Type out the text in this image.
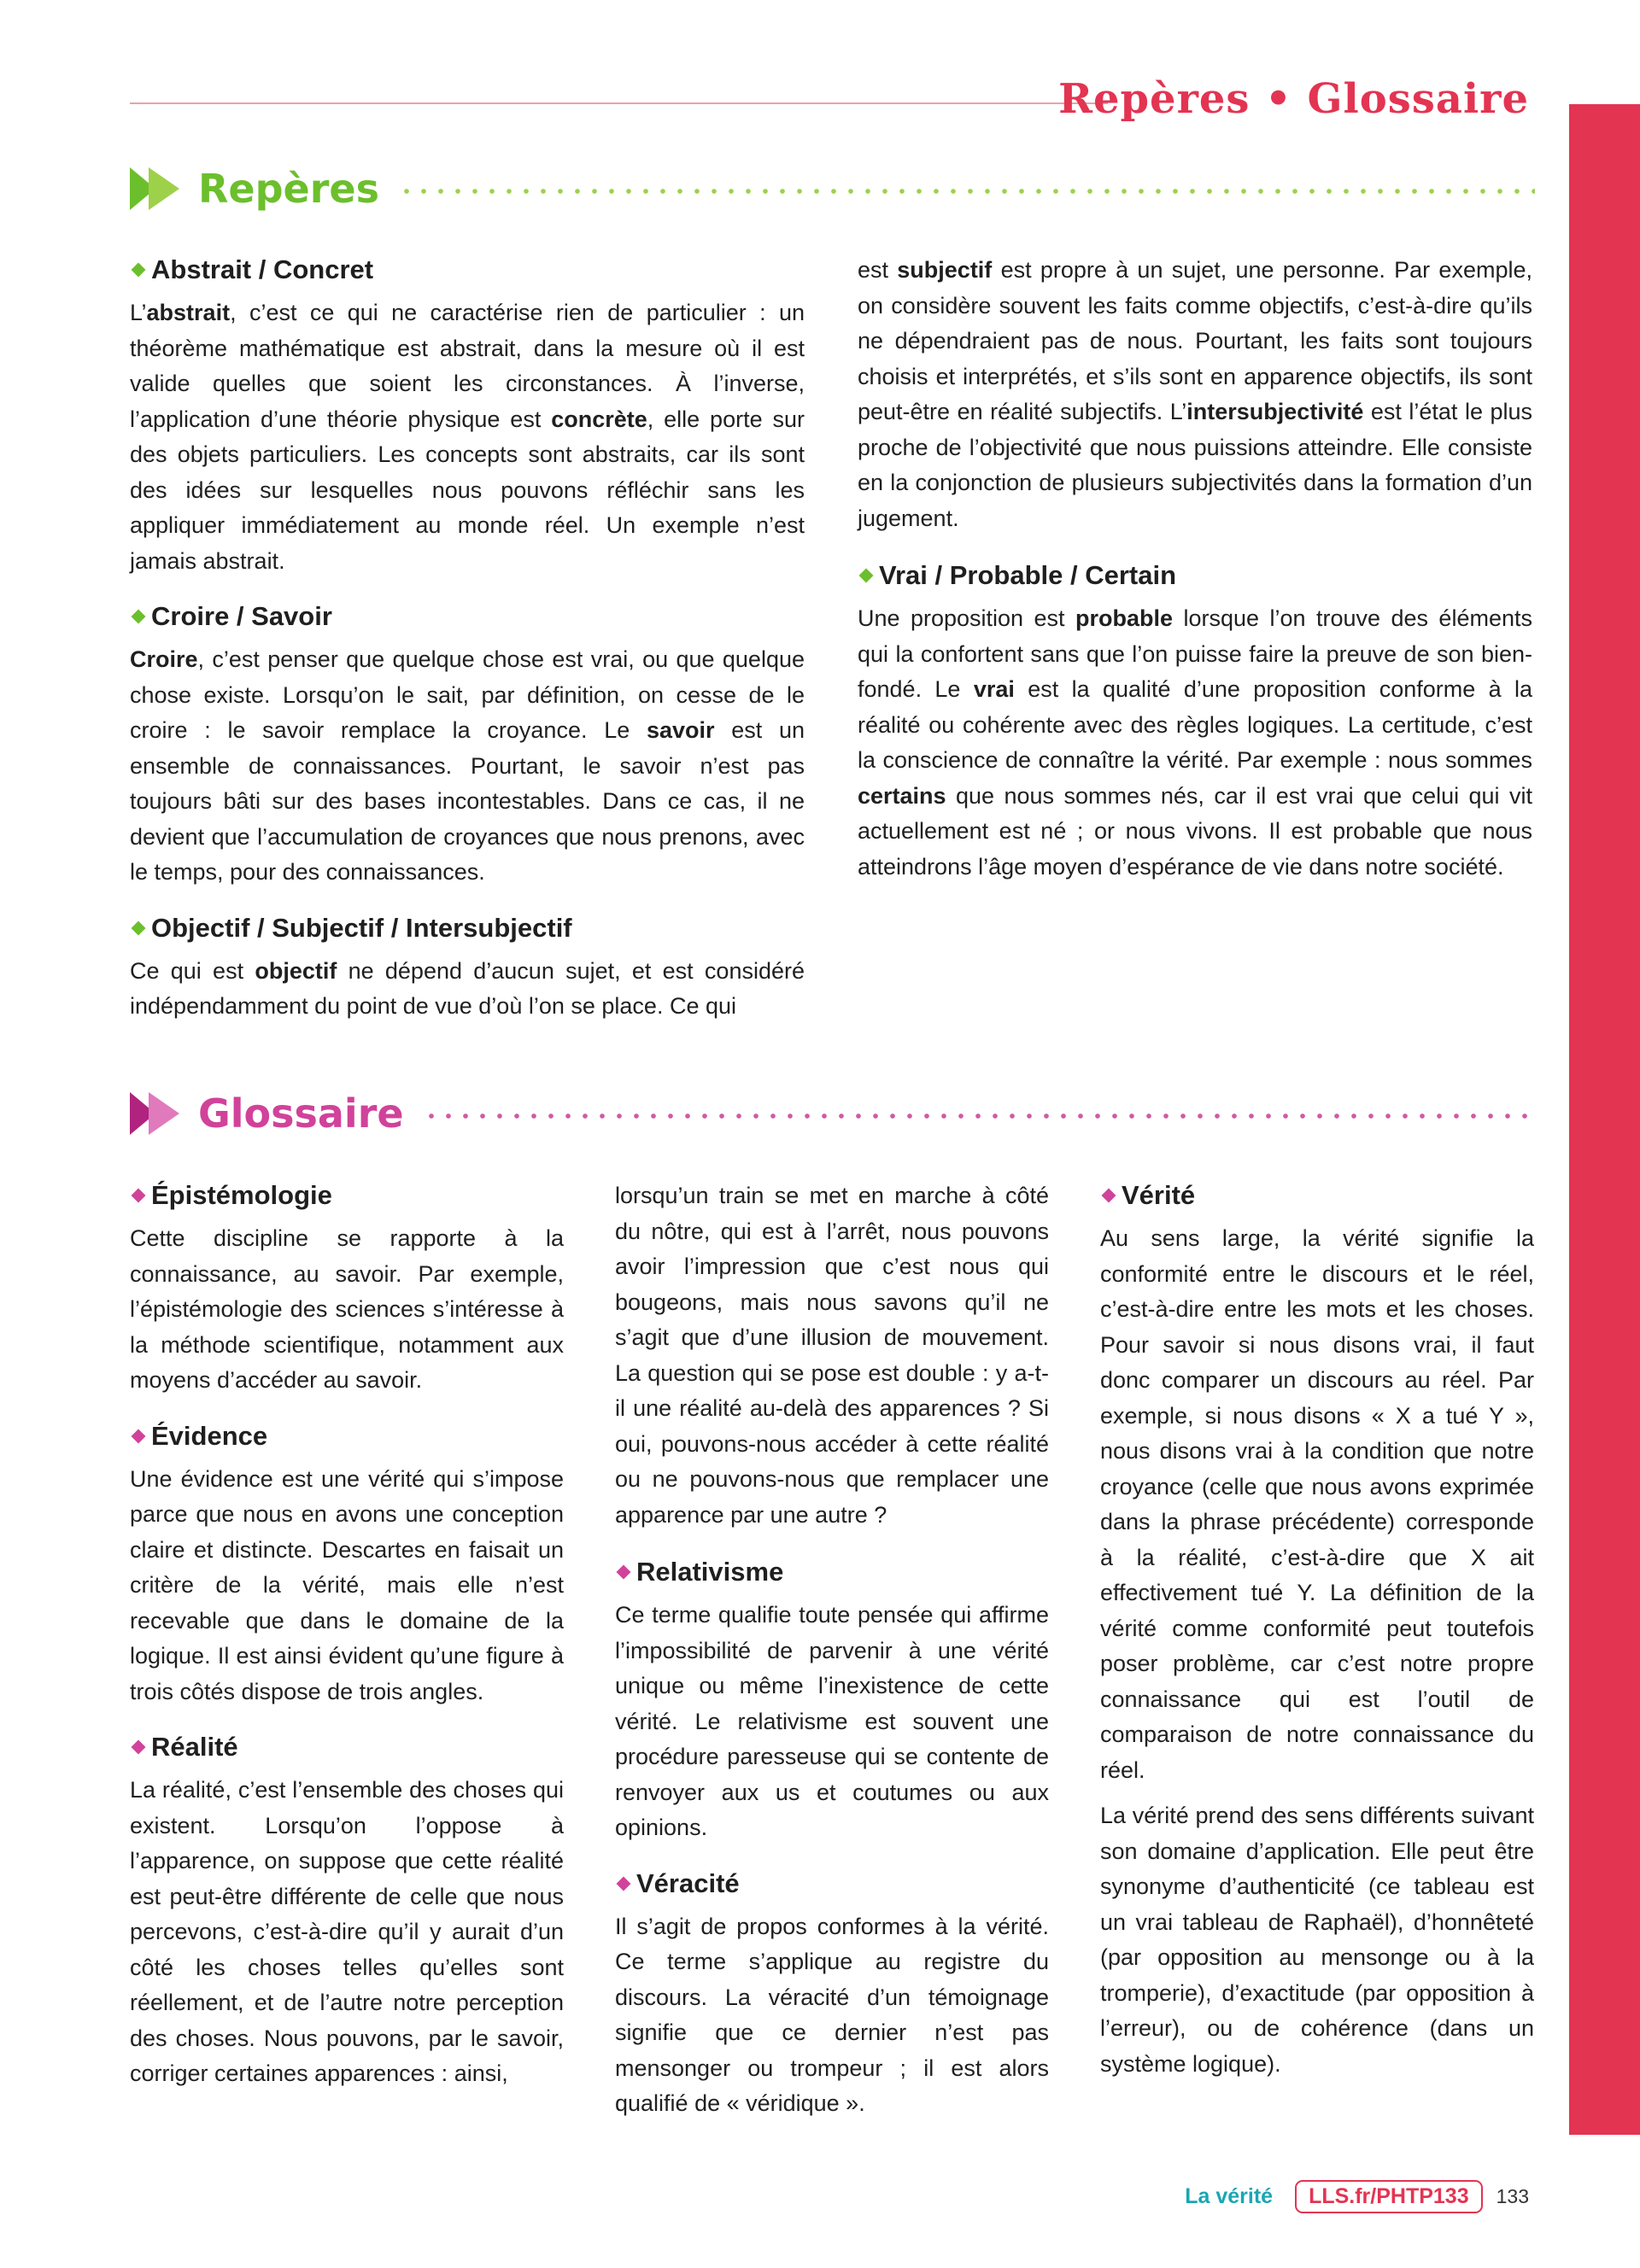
Repères • Glossaire
Repères
Abstrait / Concret

L’abstrait, c’est ce qui ne caractérise rien de particulier : un théorème mathématique est abstrait, dans la mesure où il est valide quelles que soient les circonstances. À l’inverse, l’application d’une théorie physique est concrète, elle porte sur des objets particuliers. Les concepts sont abstraits, car ils sont des idées sur lesquelles nous pouvons réfléchir sans les appliquer immédiatement au monde réel. Un exemple n’est jamais abstrait.

Croire / Savoir

Croire, c’est penser que quelque chose est vrai, ou que quelque chose existe. Lorsqu’on le sait, par définition, on cesse de le croire : le savoir remplace la croyance. Le savoir est un ensemble de connaissances. Pourtant, le savoir n’est pas toujours bâti sur des bases incontestables. Dans ce cas, il ne devient que l’accumulation de croyances que nous prenons, avec le temps, pour des connaissances.

Objectif / Subjectif / Intersubjectif

Ce qui est objectif ne dépend d’aucun sujet, et est considéré indépendamment du point de vue d’où l’on se place. Ce qui

est subjectif est propre à un sujet, une personne. Par exemple, on considère souvent les faits comme objectifs, c’est-à-dire qu’ils ne dépendraient pas de nous. Pourtant, les faits sont toujours choisis et interprétés, et s’ils sont en apparence objectifs, ils sont peut-être en réalité subjectifs. L’intersubjectivité est l’état le plus proche de l’objectivité que nous puissions atteindre. Elle consiste en la conjonction de plusieurs subjectivités dans la formation d’un jugement.

Vrai / Probable / Certain

Une proposition est probable lorsque l’on trouve des éléments qui la confortent sans que l’on puisse faire la preuve de son bien-fondé. Le vrai est la qualité d’une proposition conforme à la réalité ou cohérente avec des règles logiques. La certitude, c’est la conscience de connaître la vérité. Par exemple : nous sommes certains que nous sommes nés, car il est vrai que celui qui vit actuellement est né ; or nous vivons. Il est probable que nous atteindrons l’âge moyen d’espérance de vie dans notre société.

Glossaire
Épistémologie

Cette discipline se rapporte à la connaissance, au savoir. Par exemple, l’épistémologie des sciences s’intéresse à la méthode scientifique, notamment aux moyens d’accéder au savoir.

Évidence

Une évidence est une vérité qui s’impose parce que nous en avons une conception claire et distincte. Descartes en faisait un critère de la vérité, mais elle n’est recevable que dans le domaine de la logique. Il est ainsi évident qu’une figure à trois côtés dispose de trois angles.

Réalité

La réalité, c’est l’ensemble des choses qui existent. Lorsqu’on l’oppose à l’apparence, on suppose que cette réalité est peut-être différente de celle que nous percevons, c’est-à-dire qu’il y aurait d’un côté les choses telles qu’elles sont réellement, et de l’autre notre perception des choses. Nous pouvons, par le savoir, corriger certaines apparences : ainsi,

lorsqu’un train se met en marche à côté du nôtre, qui est à l’arrêt, nous pouvons avoir l’impression que c’est nous qui bougeons, mais nous savons qu’il ne s’agit que d’une illusion de mouvement. La question qui se pose est double : y a-t-il une réalité au-delà des apparences ? Si oui, pouvons-nous accéder à cette réalité ou ne pouvons-nous que remplacer une apparence par une autre ?

Relativisme

Ce terme qualifie toute pensée qui affirme l’impossibilité de parvenir à une vérité unique ou même l’inexistence de cette vérité. Le relativisme est souvent une procédure paresseuse qui se contente de renvoyer aux us et coutumes ou aux opinions.

Véracité

Il s’agit de propos conformes à la vérité. Ce terme s’applique au registre du discours. La véracité d’un témoignage signifie que ce dernier n’est pas mensonger ou trompeur ; il est alors qualifié de « véridique ».

Vérité

Au sens large, la vérité signifie la conformité entre le discours et le réel, c’est-à-dire entre les mots et les choses. Pour savoir si nous disons vrai, il faut donc comparer un discours au réel. Par exemple, si nous disons « X a tué Y », nous disons vrai à la condition que notre croyance (celle que nous avons exprimée dans la phrase précédente) corresponde à la réalité, c’est-à-dire que X ait effectivement tué Y. La définition de la vérité comme conformité peut toutefois poser problème, car c’est notre propre connaissance qui est l’outil de comparaison de notre connaissance du réel.

La vérité prend des sens différents suivant son domaine d’application. Elle peut être synonyme d’authenticité (ce tableau est un vrai tableau de Raphaël), d’honnêteté (par opposition au mensonge ou à la tromperie), d’exactitude (par opposition à l’erreur), ou de cohérence (dans un système logique).

La vérité	LLS.fr/PHTP133	133
